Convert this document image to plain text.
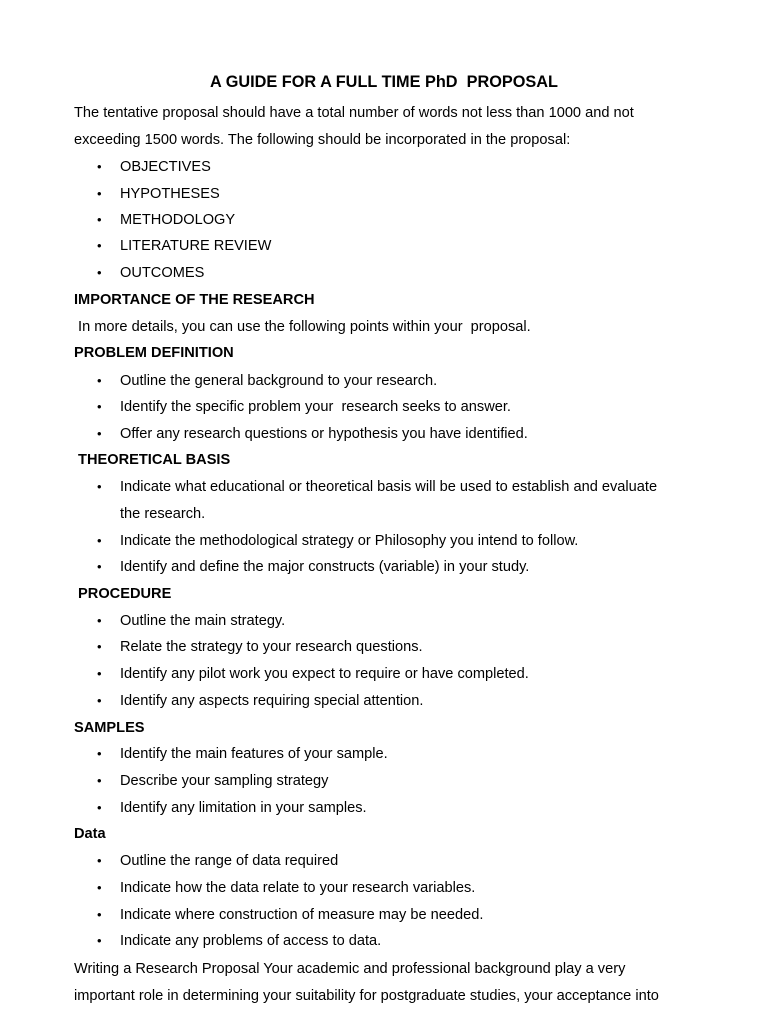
A GUIDE FOR A FULL TIME PhD  PROPOSAL
The tentative proposal should have a total number of words not less than 1000 and not
exceeding 1500 words. The following should be incorporated in the proposal:
• OBJECTIVES
• HYPOTHESES
• METHODOLOGY
• LITERATURE REVIEW
• OUTCOMES
IMPORTANCE OF THE RESEARCH
In more details, you can use the following points within your  proposal.
PROBLEM DEFINITION
• Outline the general background to your research.
• Identify the specific problem your  research seeks to answer.
• Offer any research questions or hypothesis you have identified.
THEORETICAL BASIS
• Indicate what educational or theoretical basis will be used to establish and evaluate
the research.
• Indicate the methodological strategy or Philosophy you intend to follow.
• Identify and define the major constructs (variable) in your study.
PROCEDURE
• Outline the main strategy.
• Relate the strategy to your research questions.
• Identify any pilot work you expect to require or have completed.
• Identify any aspects requiring special attention.
SAMPLES
• Identify the main features of your sample.
• Describe your sampling strategy
• Identify any limitation in your samples.
Data
• Outline the range of data required
• Indicate how the data relate to your research variables.
• Indicate where construction of measure may be needed.
• Indicate any problems of access to data.
Writing a Research Proposal Your academic and professional background play a very
important role in determining your suitability for postgraduate studies, your acceptance into
